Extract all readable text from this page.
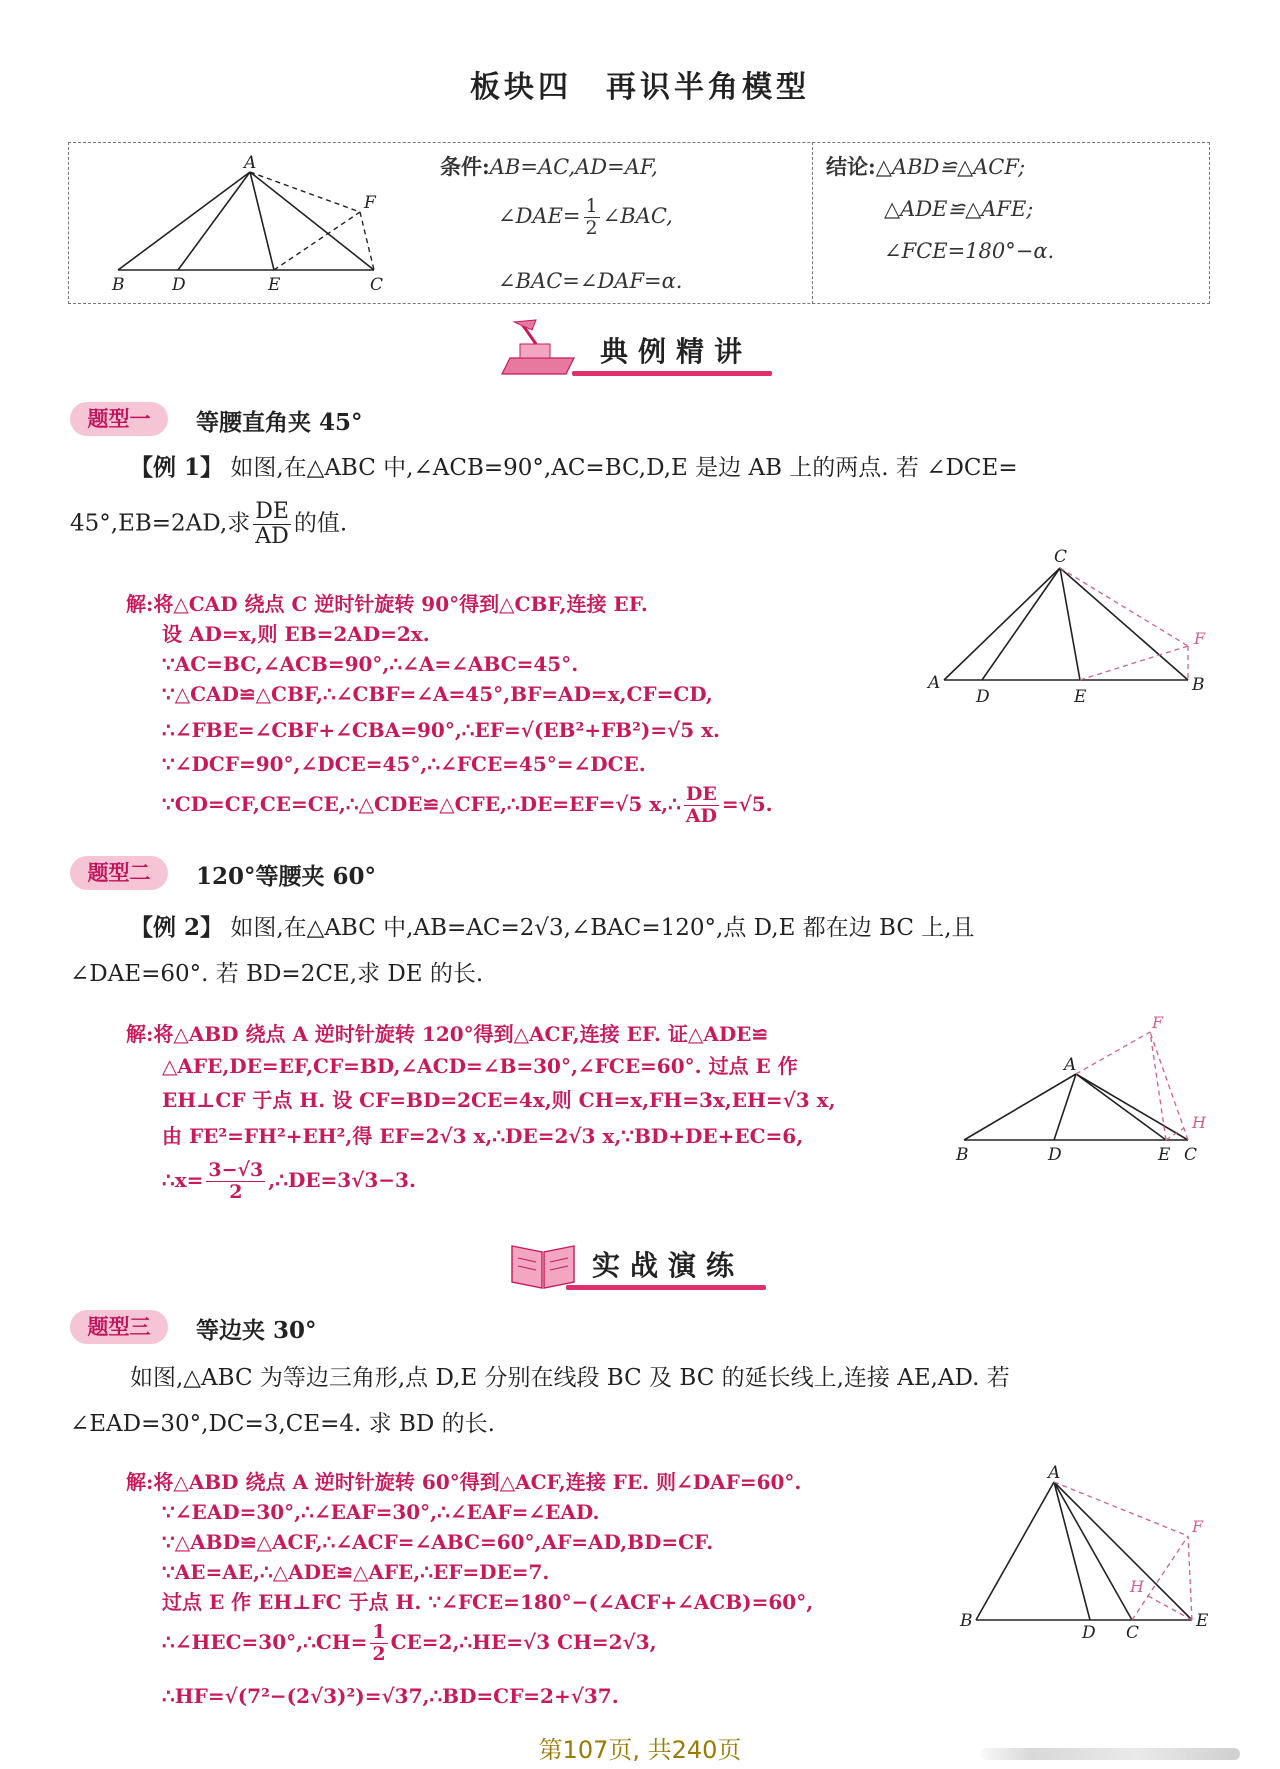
板块四　再识半角模型
A
F
B	D	E	C
条件:AB=AC,AD=AF,
∠DAE= $\frac{1}{2}$ ∠BAC,
∠BAC=∠DAF=α.
结论:△ABD≌△ACF;
△ADE≌△AFE;
∠FCE=180°−α.
典例精讲
题型一	等腰直角夹 45°
【例 1】 如图,在△ABC 中,∠ACB=90°,AC=BC,D,E 是边 AB 上的两点. 若 ∠DCE=
45°,EB=2AD,求 $\frac{DE}{AD}$ 的值.
解:将△CAD 绕点 C 逆时针旋转 90°得到△CBF,连接 EF.
设 AD=x,则 EB=2AD=2x.
∵AC=BC,∠ACB=90°,∴∠A=∠ABC=45°.
∵△CAD≌△CBF,∴∠CBF=∠A=45°,BF=AD=x,CF=CD,
∴∠FBE=∠CBF+∠CBA=90°,∴EF=√(EB²+FB²)=√5 x.
∵∠DCF=90°,∠DCE=45°,∴∠FCE=45°=∠DCE.
∵CD=CF,CE=CE,∴△CDE≌△CFE,∴DE=EF=√5 x,∴ $\frac{DE}{AD} =√5$.
C
F
A
D	E
B
题型二	120°等腰夹 60°
【例 2】 如图,在△ABC 中,AB=AC=2√3,∠BAC=120°,点 D,E 都在边 BC 上,且
∠DAE=60°. 若 BD=2CE,求 DE 的长.
解:将△ABD 绕点 A 逆时针旋转 120°得到△ACF,连接 EF. 证△ADE≌
△AFE,DE=EF,CF=BD,∠ACD=∠B=30°,∠FCE=60°. 过点 E 作
EH⊥CF 于点 H. 设 CF=BD=2CE=4x,则 CH=x,FH=3x,EH=√3 x,
由 FE²=FH²+EH²,得 EF=2√3 x,∴DE=2√3 x,∵BD+DE+EC=6,
∴x= $\frac{3-√3}{2}$ ,∴DE=3√3−3.
F
A
H
B	D	E C
实战演练
题型三	等边夹 30°
如图,△ABC 为等边三角形,点 D,E 分别在线段 BC 及 BC 的延长线上,连接 AE,AD. 若
∠EAD=30°,DC=3,CE=4. 求 BD 的长.
解:将△ABD 绕点 A 逆时针旋转 60°得到△ACF,连接 FE. 则∠DAF=60°.
∵∠EAD=30°,∴∠EAF=30°,∴∠EAF=∠EAD.
∵△ABD≌△ACF,∴∠ACF=∠ABC=60°,AF=AD,BD=CF.
∵AE=AE,∴△ADE≌△AFE,∴EF=DE=7.
过点 E 作 EH⊥FC 于点 H. ∵∠FCE=180°−(∠ACF+∠ACB)=60°,
∴∠HEC=30°,∴CH= $\frac{1}{2}$ CE=2,∴HE=√3 CH=2√3,
∴HF=√(7²−(2√3)²)=√37,∴BD=CF=2+√37.
A
F
H
B
D C
E
第107页, 共240页
